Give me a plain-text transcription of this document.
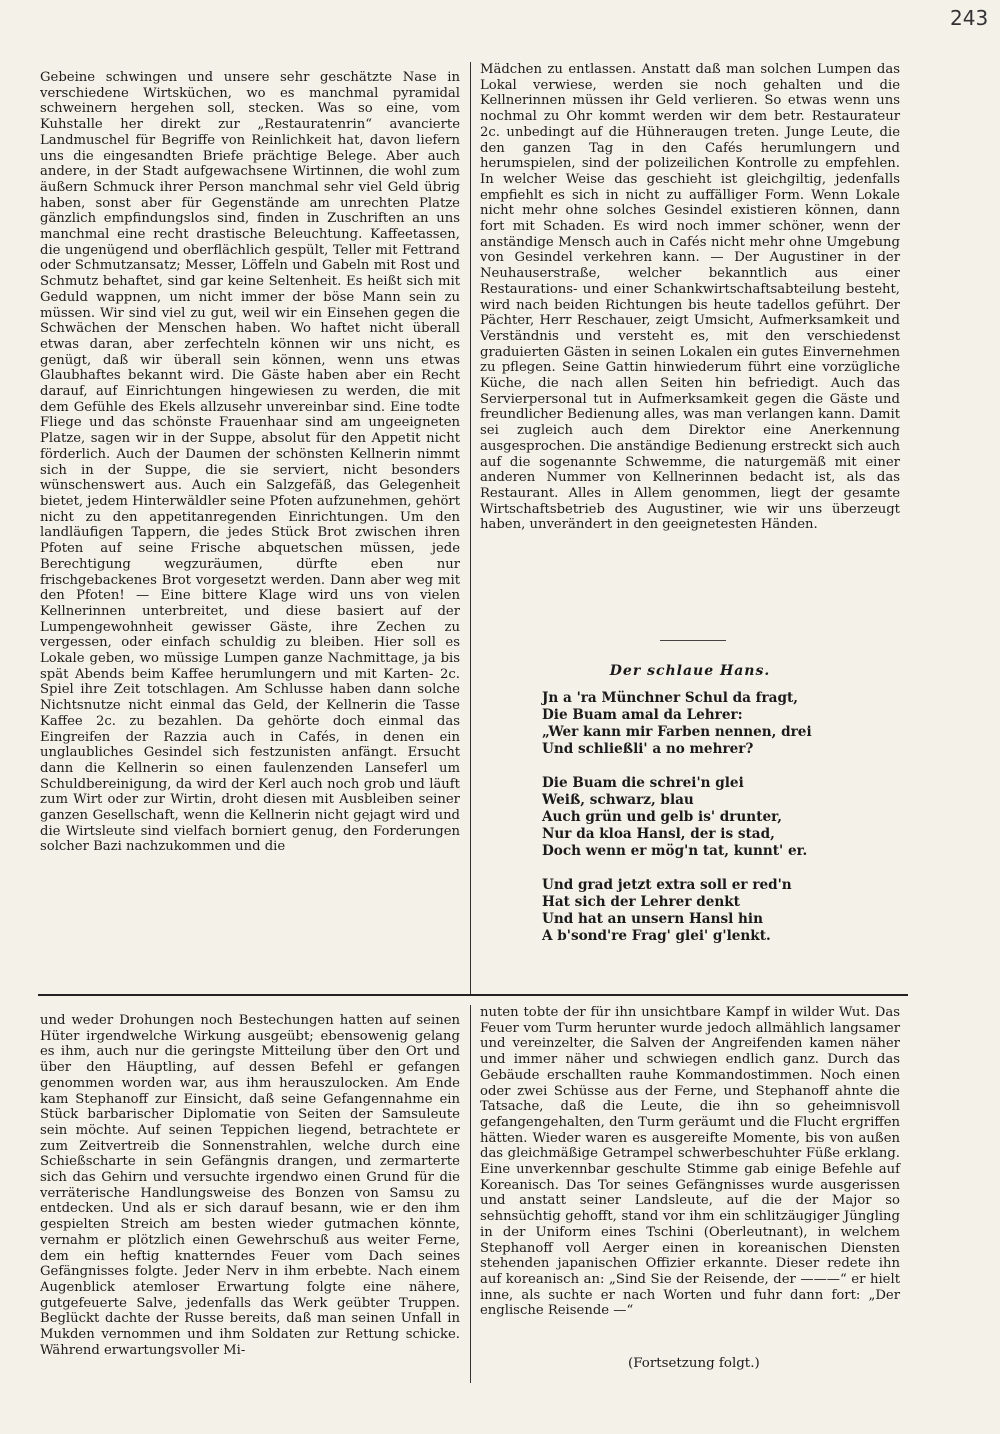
243

Gebeine schwingen und unsere sehr geschätzte Nase in verschiedene Wirtsküchen, wo es manchmal pyramidal schweinern hergehen soll, stecken. Was so eine, vom Kuhstalle her direkt zur „Restauratenrin“ avancierte Landmuschel für Begriffe von Reinlichkeit hat, davon liefern uns die eingesandten Briefe prächtige Belege. Aber auch andere, in der Stadt aufgewachsene Wirtinnen, die wohl zum äußern Schmuck ihrer Person manchmal sehr viel Geld übrig haben, sonst aber für Gegenstände am unrechten Platze gänzlich empfindungslos sind, finden in Zuschriften an uns manchmal eine recht drastische Beleuchtung. Kaffeetassen, die ungenügend und oberflächlich gespült, Teller mit Fettrand oder Schmutzansatz; Messer, Löffeln und Gabeln mit Rost und Schmutz behaftet, sind gar keine Seltenheit. Es heißt sich mit Geduld wappnen, um nicht immer der böse Mann sein zu müssen. Wir sind viel zu gut, weil wir ein Einsehen gegen die Schwächen der Menschen haben. Wo haftet nicht überall etwas daran, aber zerfechteln können wir uns nicht, es genügt, daß wir überall sein können, wenn uns etwas Glaubhaftes bekannt wird. Die Gäste haben aber ein Recht darauf, auf Einrichtungen hingewiesen zu werden, die mit dem Gefühle des Ekels allzusehr unvereinbar sind. Eine todte Fliege und das schönste Frauenhaar sind am ungeeigneten Platze, sagen wir in der Suppe, absolut für den Appetit nicht förderlich. Auch der Daumen der schönsten Kellnerin nimmt sich in der Suppe, die sie serviert, nicht besonders wünschenswert aus. Auch ein Salzgefäß, das Gelegenheit bietet, jedem Hinterwäldler seine Pfoten aufzunehmen, gehört nicht zu den appetitanregenden Einrichtungen. Um den landläufigen Tappern, die jedes Stück Brot zwischen ihren Pfoten auf seine Frische abquetschen müssen, jede Berechtigung wegzuräumen, dürfte eben nur frischgebackenes Brot vorgesetzt werden. Dann aber weg mit den Pfoten! — Eine bittere Klage wird uns von vielen Kellnerinnen unterbreitet, und diese basiert auf der Lumpengewohnheit gewisser Gäste, ihre Zechen zu vergessen, oder einfach schuldig zu bleiben. Hier soll es Lokale geben, wo müssige Lumpen ganze Nachmittage, ja bis spät Abends beim Kaffee herumlungern und mit Karten- 2c. Spiel ihre Zeit totschlagen. Am Schlusse haben dann solche Nichtsnutze nicht einmal das Geld, der Kellnerin die Tasse Kaffee 2c. zu bezahlen. Da gehörte doch einmal das Eingreifen der Razzia auch in Cafés, in denen ein unglaubliches Gesindel sich festzunisten anfängt. Ersucht dann die Kellnerin so einen faulenzenden Lanseferl um Schuldbereinigung, da wird der Kerl auch noch grob und läuft zum Wirt oder zur Wirtin, droht diesen mit Ausbleiben seiner ganzen Gesellschaft, wenn die Kellnerin nicht gejagt wird und die Wirtsleute sind vielfach borniert genug, den Forderungen solcher Bazi nachzukommen und die

Mädchen zu entlassen. Anstatt daß man solchen Lumpen das Lokal verwiese, werden sie noch gehalten und die Kellnerinnen müssen ihr Geld verlieren. So etwas wenn uns nochmal zu Ohr kommt werden wir dem betr. Restaurateur 2c. unbedingt auf die Hühneraugen treten. Junge Leute, die den ganzen Tag in den Cafés herumlungern und herumspielen, sind der polizeilichen Kontrolle zu empfehlen. In welcher Weise das geschieht ist gleichgiltig, jedenfalls empfiehlt es sich in nicht zu auffälliger Form. Wenn Lokale nicht mehr ohne solches Gesindel existieren können, dann fort mit Schaden. Es wird noch immer schöner, wenn der anständige Mensch auch in Cafés nicht mehr ohne Umgebung von Gesindel verkehren kann. — Der Augustiner in der Neuhauserstraße, welcher bekanntlich aus einer Restaurations- und einer Schankwirtschaftsabteilung besteht, wird nach beiden Richtungen bis heute tadellos geführt. Der Pächter, Herr Reschauer, zeigt Umsicht, Aufmerksamkeit und Verständnis und versteht es, mit den verschiedenst graduierten Gästen in seinen Lokalen ein gutes Einvernehmen zu pflegen. Seine Gattin hinwiederum führt eine vorzügliche Küche, die nach allen Seiten hin befriedigt. Auch das Servierpersonal tut in Aufmerksamkeit gegen die Gäste und freundlicher Bedienung alles, was man verlangen kann. Damit sei zugleich auch dem Direktor eine Anerkennung ausgesprochen. Die anständige Bedienung erstreckt sich auch auf die sogenannte Schwemme, die naturgemäß mit einer anderen Nummer von Kellnerinnen bedacht ist, als das Restaurant. Alles in Allem genommen, liegt der gesamte Wirtschaftsbetrieb des Augustiner, wie wir uns überzeugt haben, unverändert in den geeignetesten Händen.

Der schlaue Hans.
Jn a 'ra Münchner Schul da fragt,
Die Buam amal da Lehrer:
„Wer kann mir Farben nennen, drei
Und schließli' a no mehrer?
Die Buam die schrei'n glei
Weiß, schwarz, blau
Auch grün und gelb is' drunter,
Nur da kloa Hansl, der is stad,
Doch wenn er mög'n tat, kunnt' er.
Und grad jetzt extra soll er red'n
Hat sich der Lehrer denkt
Und hat an unsern Hansl hin
A b'sond're Frag' glei' g'lenkt.

und weder Drohungen noch Bestechungen hatten auf seinen Hüter irgendwelche Wirkung ausgeübt; ebensowenig gelang es ihm, auch nur die geringste Mitteilung über den Ort und über den Häuptling, auf dessen Befehl er gefangen genommen worden war, aus ihm herauszulocken. Am Ende kam Stephanoff zur Einsicht, daß seine Gefangennahme ein Stück barbarischer Diplomatie von Seiten der Samsuleute sein möchte. Auf seinen Teppichen liegend, betrachtete er zum Zeitvertreib die Sonnenstrahlen, welche durch eine Schießscharte in sein Gefängnis drangen, und zermarterte sich das Gehirn und versuchte irgendwo einen Grund für die verräterische Handlungsweise des Bonzen von Samsu zu entdecken. Und als er sich darauf besann, wie er den ihm gespielten Streich am besten wieder gutmachen könnte, vernahm er plötzlich einen Gewehrschuß aus weiter Ferne, dem ein heftig knatterndes Feuer vom Dach seines Gefängnisses folgte. Jeder Nerv in ihm erbebte. Nach einem Augenblick atemloser Erwartung folgte eine nähere, gutgefeuerte Salve, jedenfalls das Werk geübter Truppen. Beglückt dachte der Russe bereits, daß man seinen Unfall in Mukden vernommen und ihm Soldaten zur Rettung schicke. Während erwartungsvoller Mi-

nuten tobte der für ihn unsichtbare Kampf in wilder Wut. Das Feuer vom Turm herunter wurde jedoch allmählich langsamer und vereinzelter, die Salven der Angreifenden kamen näher und immer näher und schwiegen endlich ganz. Durch das Gebäude erschallten rauhe Kommandostimmen. Noch einen oder zwei Schüsse aus der Ferne, und Stephanoff ahnte die Tatsache, daß die Leute, die ihn so geheimnisvoll gefangengehalten, den Turm geräumt und die Flucht ergriffen hätten. Wieder waren es ausgereifte Momente, bis von außen das gleichmäßige Getrampel schwerbeschuhter Füße erklang. Eine unverkennbar geschulte Stimme gab einige Befehle auf Koreanisch. Das Tor seines Gefängnisses wurde ausgerissen und anstatt seiner Landsleute, auf die der Major so sehnsüchtig gehofft, stand vor ihm ein schlitzäugiger Jüngling in der Uniform eines Tschini (Oberleutnant), in welchem Stephanoff voll Aerger einen in koreanischen Diensten stehenden japanischen Offizier erkannte. Dieser redete ihn auf koreanisch an: „Sind Sie der Reisende, der ———“ er hielt inne, als suchte er nach Worten und fuhr dann fort: „Der englische Reisende —“

(Fortsetzung folgt.)
